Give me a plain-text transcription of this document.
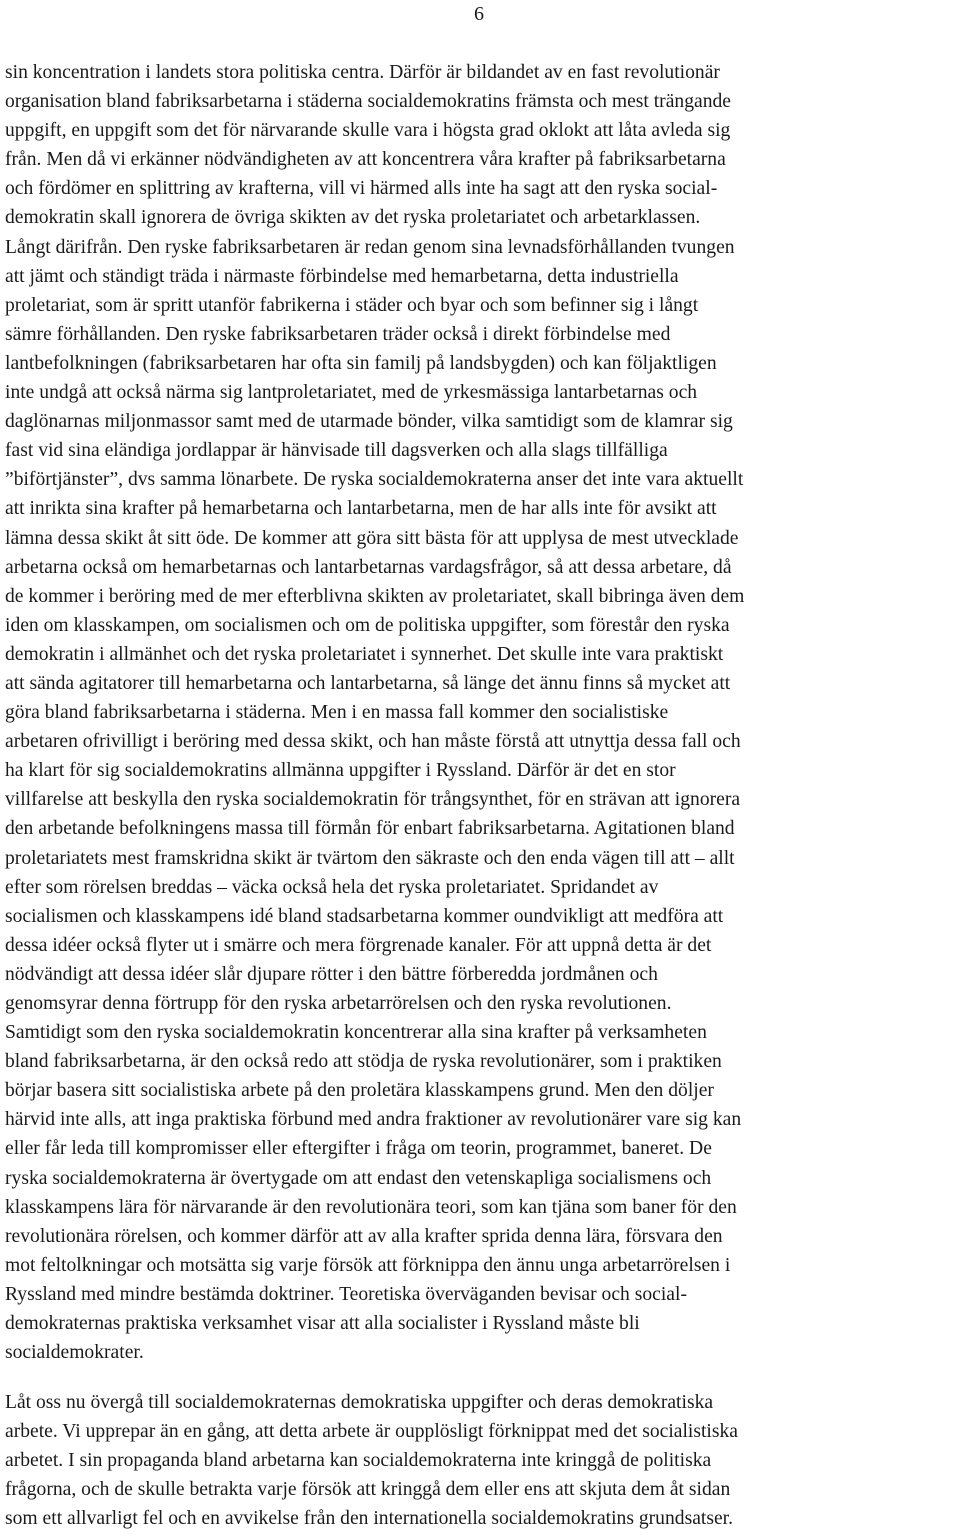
6
sin koncentration i landets stora politiska centra. Därför är bildandet av en fast revolutionär
organisation bland fabriksarbetarna i städerna socialdemokratins främsta och mest trängande
uppgift, en uppgift som det för närvarande skulle vara i högsta grad oklokt att låta avleda sig
från. Men då vi erkänner nödvändigheten av att koncentrera våra krafter på fabriksarbetarna
och fördömer en splittring av krafterna, vill vi härmed alls inte ha sagt att den ryska social-
demokratin skall ignorera de övriga skikten av det ryska proletariatet och arbetarklassen.
Långt därifrån. Den ryske fabriksarbetaren är redan genom sina levnadsförhållanden tvungen
att jämt och ständigt träda i närmaste förbindelse med hemarbetarna, detta industriella
proletariat, som är spritt utanför fabrikerna i städer och byar och som befinner sig i långt
sämre förhållanden. Den ryske fabriksarbetaren träder också i direkt förbindelse med
lantbefolkningen (fabriksarbetaren har ofta sin familj på landsbygden) och kan följaktligen
inte undgå att också närma sig lantproletariatet, med de yrkesmässiga lantarbetarnas och
daglönarnas miljonmassor samt med de utarmade bönder, vilka samtidigt som de klamrar sig
fast vid sina eländiga jordlappar är hänvisade till dagsverken och alla slags tillfälliga
”biförtjänster”, dvs samma lönarbete. De ryska socialdemokraterna anser det inte vara aktuellt
att inrikta sina krafter på hemarbetarna och lantarbetarna, men de har alls inte för avsikt att
lämna dessa skikt åt sitt öde. De kommer att göra sitt bästa för att upplysa de mest utvecklade
arbetarna också om hemarbetarnas och lantarbetarnas vardagsfrågor, så att dessa arbetare, då
de kommer i beröring med de mer efterblivna skikten av proletariatet, skall bibringa även dem
iden om klasskampen, om socialismen och om de politiska uppgifter, som förestår den ryska
demokratin i allmänhet och det ryska proletariatet i synnerhet. Det skulle inte vara praktiskt
att sända agitatorer till hemarbetarna och lantarbetarna, så länge det ännu finns så mycket att
göra bland fabriksarbetarna i städerna. Men i en massa fall kommer den socialistiske
arbetaren ofrivilligt i beröring med dessa skikt, och han måste förstå att utnyttja dessa fall och
ha klart för sig socialdemokratins allmänna uppgifter i Ryssland. Därför är det en stor
villfarelse att beskylla den ryska socialdemokratin för trångsynthet, för en strävan att ignorera
den arbetande befolkningens massa till förmån för enbart fabriksarbetarna. Agitationen bland
proletariatets mest framskridna skikt är tvärtom den säkraste och den enda vägen till att – allt
efter som rörelsen breddas – väcka också hela det ryska proletariatet. Spridandet av
socialismen och klasskampens idé bland stadsarbetarna kommer oundvikligt att medföra att
dessa idéer också flyter ut i smärre och mera förgrenade kanaler. För att uppnå detta är det
nödvändigt att dessa idéer slår djupare rötter i den bättre förberedda jordmånen och
genomsyrar denna förtrupp för den ryska arbetarrörelsen och den ryska revolutionen.
Samtidigt som den ryska socialdemokratin koncentrerar alla sina krafter på verksamheten
bland fabriksarbetarna, är den också redo att stödja de ryska revolutionärer, som i praktiken
börjar basera sitt socialistiska arbete på den proletära klasskampens grund. Men den döljer
härvid inte alls, att inga praktiska förbund med andra fraktioner av revolutionärer vare sig kan
eller får leda till kompromisser eller eftergifter i fråga om teorin, programmet, baneret. De
ryska socialdemokraterna är övertygade om att endast den vetenskapliga socialismens och
klasskampens lära för närvarande är den revolutionära teori, som kan tjäna som baner för den
revolutionära rörelsen, och kommer därför att av alla krafter sprida denna lära, försvara den
mot feltolkningar och motsätta sig varje försök att förknippa den ännu unga arbetarrörelsen i
Ryssland med mindre bestämda doktriner. Teoretiska överväganden bevisar och social-
demokraternas praktiska verksamhet visar att alla socialister i Ryssland måste bli
socialdemokrater.
Låt oss nu övergå till socialdemokraternas demokratiska uppgifter och deras demokratiska
arbete. Vi upprepar än en gång, att detta arbete är oupplösligt förknippat med det socialistiska
arbetet. I sin propaganda bland arbetarna kan socialdemokraterna inte kringgå de politiska
frågorna, och de skulle betrakta varje försök att kringgå dem eller ens att skjuta dem åt sidan
som ett allvarligt fel och en avvikelse från den internationella socialdemokratins grundsatser.
